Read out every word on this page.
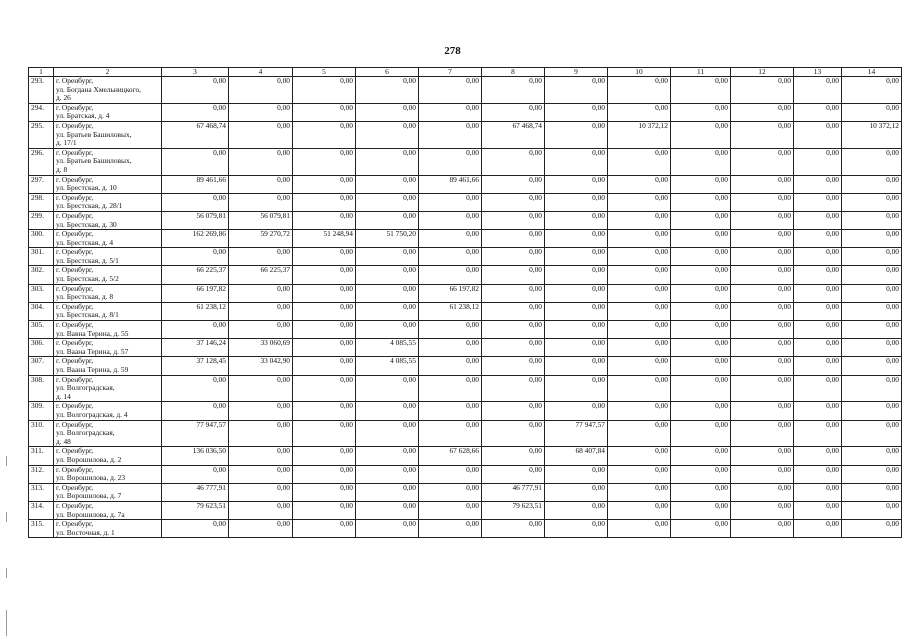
278
1	2	3	4	5	6	7	8	9	10	11	12	13	14
293.	г. Оренбург,
ул. Богдана Хмельницкого,
д. 26	0,00	0,00	0,00	0,00	0,00	0,00	0,00	0,00	0,00	0,00	0,00	0,00
294.	г. Оренбург,
ул. Братская, д. 4	0,00	0,00	0,00	0,00	0,00	0,00	0,00	0,00	0,00	0,00	0,00	0,00
295.	г. Оренбург,
ул. Братьев Башиловых,
д. 17/1	67 468,74	0,00	0,00	0,00	0,00	67 468,74	0,00	10 372,12	0,00	0,00	0,00	10 372,12
296.	г. Оренбург,
ул. Братьев Башиловых,
д. 8	0,00	0,00	0,00	0,00	0,00	0,00	0,00	0,00	0,00	0,00	0,00	0,00
297.	г. Оренбург,
ул. Брестская, д. 10	89 461,66	0,00	0,00	0,00	89 461,66	0,00	0,00	0,00	0,00	0,00	0,00	0,00
298.	г. Оренбург,
ул. Брестская, д. 28/1	0,00	0,00	0,00	0,00	0,00	0,00	0,00	0,00	0,00	0,00	0,00	0,00
299.	г. Оренбург,
ул. Брестская, д. 30	56 079,81	56 079,81	0,00	0,00	0,00	0,00	0,00	0,00	0,00	0,00	0,00	0,00
300.	г. Оренбург,
ул. Брестская, д. 4	162 269,86	59 270,72	51 248,94	51 750,20	0,00	0,00	0,00	0,00	0,00	0,00	0,00	0,00
301.	г. Оренбург,
ул. Брестская, д. 5/1	0,00	0,00	0,00	0,00	0,00	0,00	0,00	0,00	0,00	0,00	0,00	0,00
302.	г. Оренбург,
ул. Брестская, д. 5/2	66 225,37	66 225,37	0,00	0,00	0,00	0,00	0,00	0,00	0,00	0,00	0,00	0,00
303.	г. Оренбург,
ул. Брестская, д. 8	66 197,82	0,00	0,00	0,00	66 197,82	0,00	0,00	0,00	0,00	0,00	0,00	0,00
304.	г. Оренбург,
ул. Брестская, д. 8/1	61 238,12	0,00	0,00	0,00	61 238,12	0,00	0,00	0,00	0,00	0,00	0,00	0,00
305.	г. Оренбург,
ул. Вавна Терина, д. 55	0,00	0,00	0,00	0,00	0,00	0,00	0,00	0,00	0,00	0,00	0,00	0,00
306.	г. Оренбург,
ул. Ваана Терина, д. 57	37 146,24	33 060,69	0,00	4 085,55	0,00	0,00	0,00	0,00	0,00	0,00	0,00	0,00
307.	г. Оренбург,
ул. Ваана Терина, д. 59	37 128,45	33 042,90	0,00	4 085,55	0,00	0,00	0,00	0,00	0,00	0,00	0,00	0,00
308.	г. Оренбург,
ул. Волгоградская,
д. 14	0,00	0,00	0,00	0,00	0,00	0,00	0,00	0,00	0,00	0,00	0,00	0,00
309.	г. Оренбург,
ул. Волгоградская, д. 4	0,00	0,00	0,00	0,00	0,00	0,00	0,00	0,00	0,00	0,00	0,00	0,00
310.	г. Оренбург,
ул. Волгоградская,
д. 48	77 947,57	0,00	0,00	0,00	0,00	0,00	77 947,57	0,00	0,00	0,00	0,00	0,00
311.	г. Оренбург,
ул. Ворошилова, д. 2	136 036,50	0,00	0,00	0,00	67 628,66	0,00	68 407,84	0,00	0,00	0,00	0,00	0,00
312.	г. Оренбург,
ул. Ворошилова, д. 23	0,00	0,00	0,00	0,00	0,00	0,00	0,00	0,00	0,00	0,00	0,00	0,00
313.	г. Оренбург,
ул. Ворошилова, д. 7	46 777,91	0,00	0,00	0,00	0,00	46 777,91	0,00	0,00	0,00	0,00	0,00	0,00
314.	г. Оренбург,
ул. Ворошилова, д. 7а	79 623,51	0,00	0,00	0,00	0,00	79 623,51	0,00	0,00	0,00	0,00	0,00	0,00
315.	г. Оренбург,
ул. Восточная, д. 1	0,00	0,00	0,00	0,00	0,00	0,00	0,00	0,00	0,00	0,00	0,00	0,00
